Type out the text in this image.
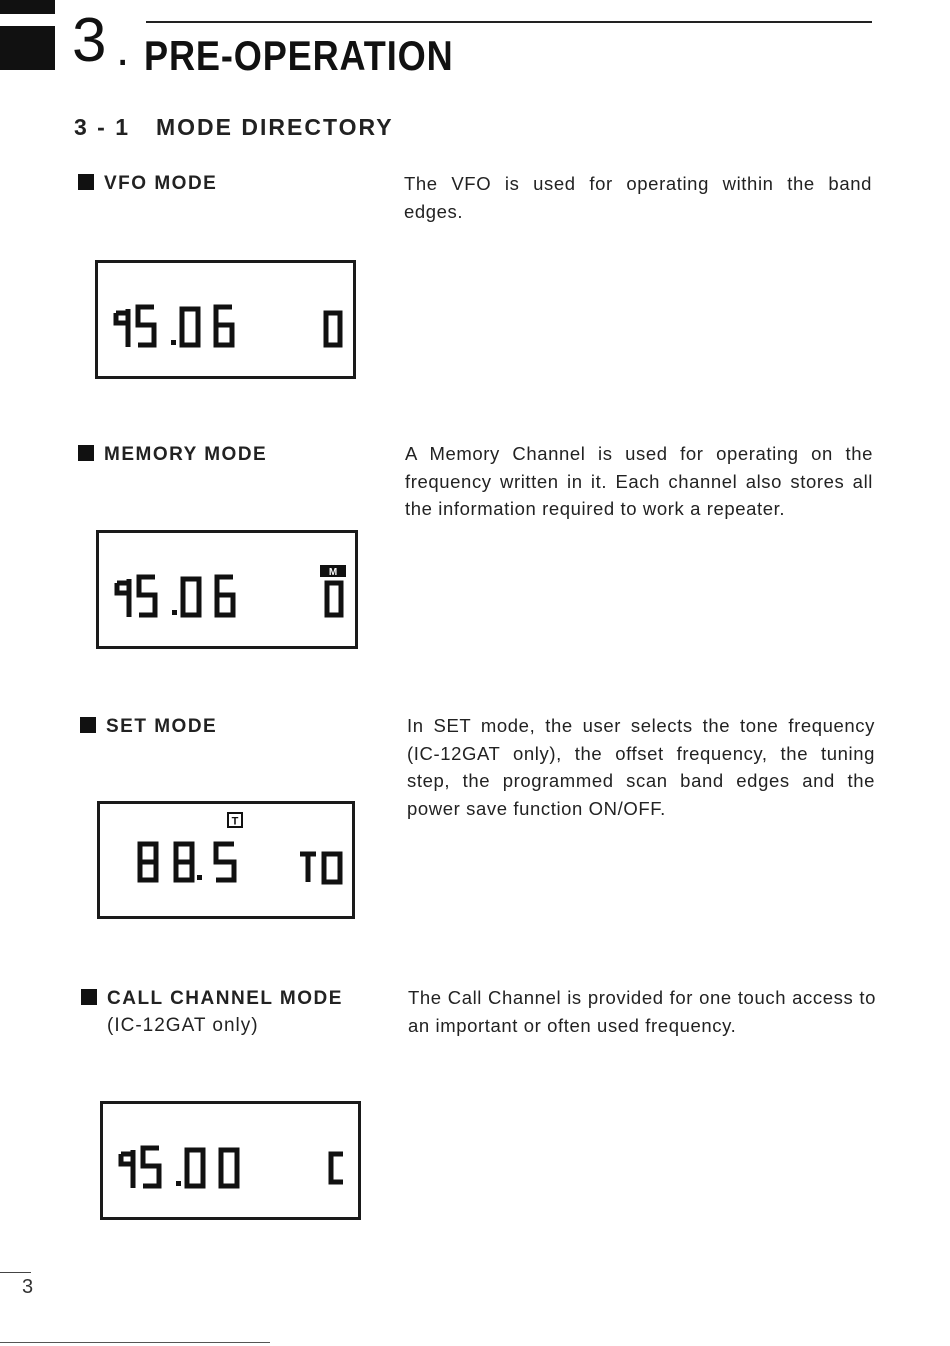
3 . PRE-OPERATION
3 - 1 MODE DIRECTORY
VFO MODE	The VFO is used for operating within the band edges.
MEMORY MODE	A Memory Channel is used for operating on the frequency written in it. Each channel also stores all the information required to work a repeater.
M
SET MODE	In SET mode, the user selects the tone frequency (IC-12GAT only), the offset frequency, the tuning step, the programmed scan band edges and the power save function ON/OFF.
T
CALL CHANNEL MODE
(IC-12GAT only)
The Call Channel is provided for one touch access to an important or often used frequency.
3
